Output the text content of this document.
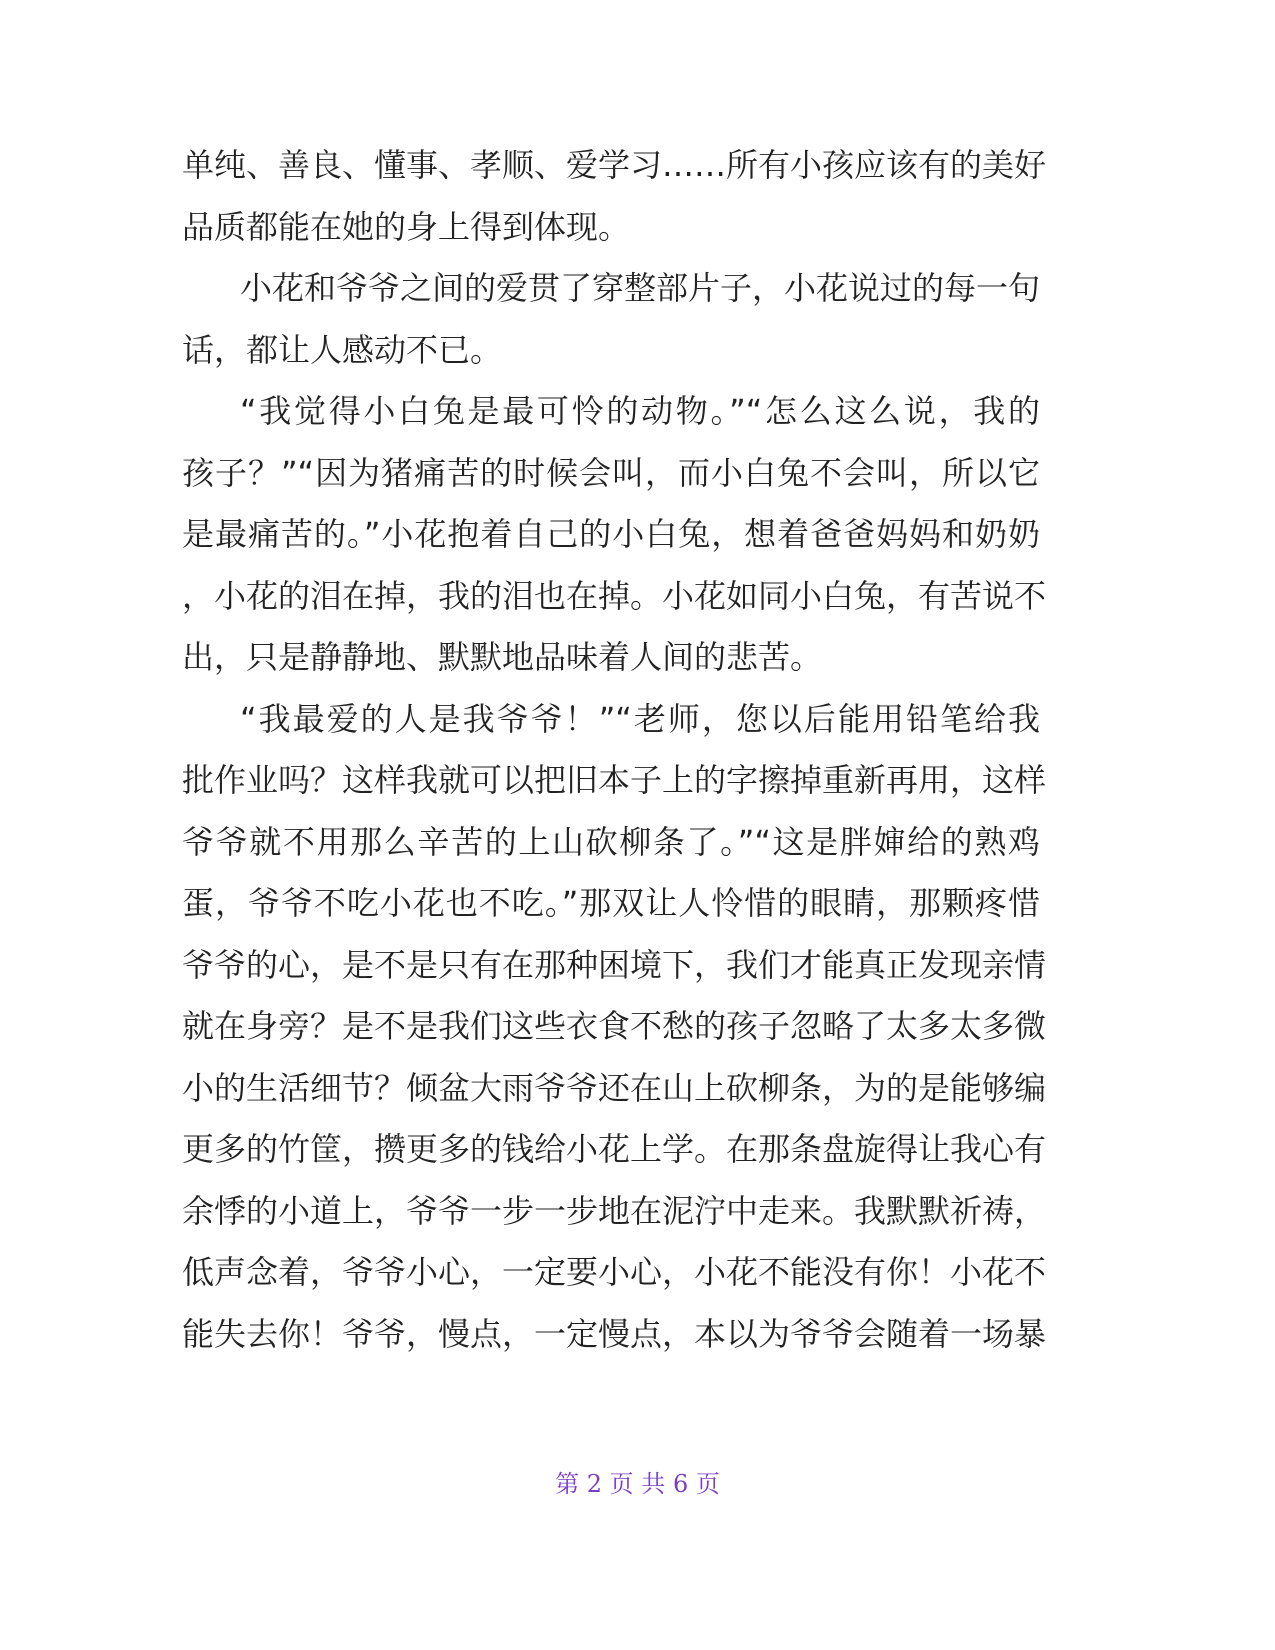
单纯、善良、懂事、孝顺、爱学习……所有小孩应该有的美好
品质都能在她的身上得到体现。
小花和爷爷之间的爱贯了穿整部片子，小花说过的每一句
话，都让人感动不已。
“我觉得小白兔是最可怜的动物。”“怎么这么说，我的
孩子？”“因为猪痛苦的时候会叫，而小白兔不会叫，所以它
是最痛苦的。”小花抱着自己的小白兔，想着爸爸妈妈和奶奶
，小花的泪在掉，我的泪也在掉。小花如同小白兔，有苦说不
出，只是静静地、默默地品味着人间的悲苦。
“我最爱的人是我爷爷！”“老师，您以后能用铅笔给我
批作业吗？这样我就可以把旧本子上的字擦掉重新再用，这样
爷爷就不用那么辛苦的上山砍柳条了。”“这是胖婶给的熟鸡
蛋，爷爷不吃小花也不吃。”那双让人怜惜的眼睛，那颗疼惜
爷爷的心，是不是只有在那种困境下，我们才能真正发现亲情
就在身旁？是不是我们这些衣食不愁的孩子忽略了太多太多微
小的生活细节？倾盆大雨爷爷还在山上砍柳条，为的是能够编
更多的竹筐，攒更多的钱给小花上学。在那条盘旋得让我心有
余悸的小道上，爷爷一步一步地在泥泞中走来。我默默祈祷，
低声念着，爷爷小心，一定要小心，小花不能没有你！小花不
能失去你！爷爷，慢点，一定慢点，本以为爷爷会随着一场暴
第 2 页 共 6 页
